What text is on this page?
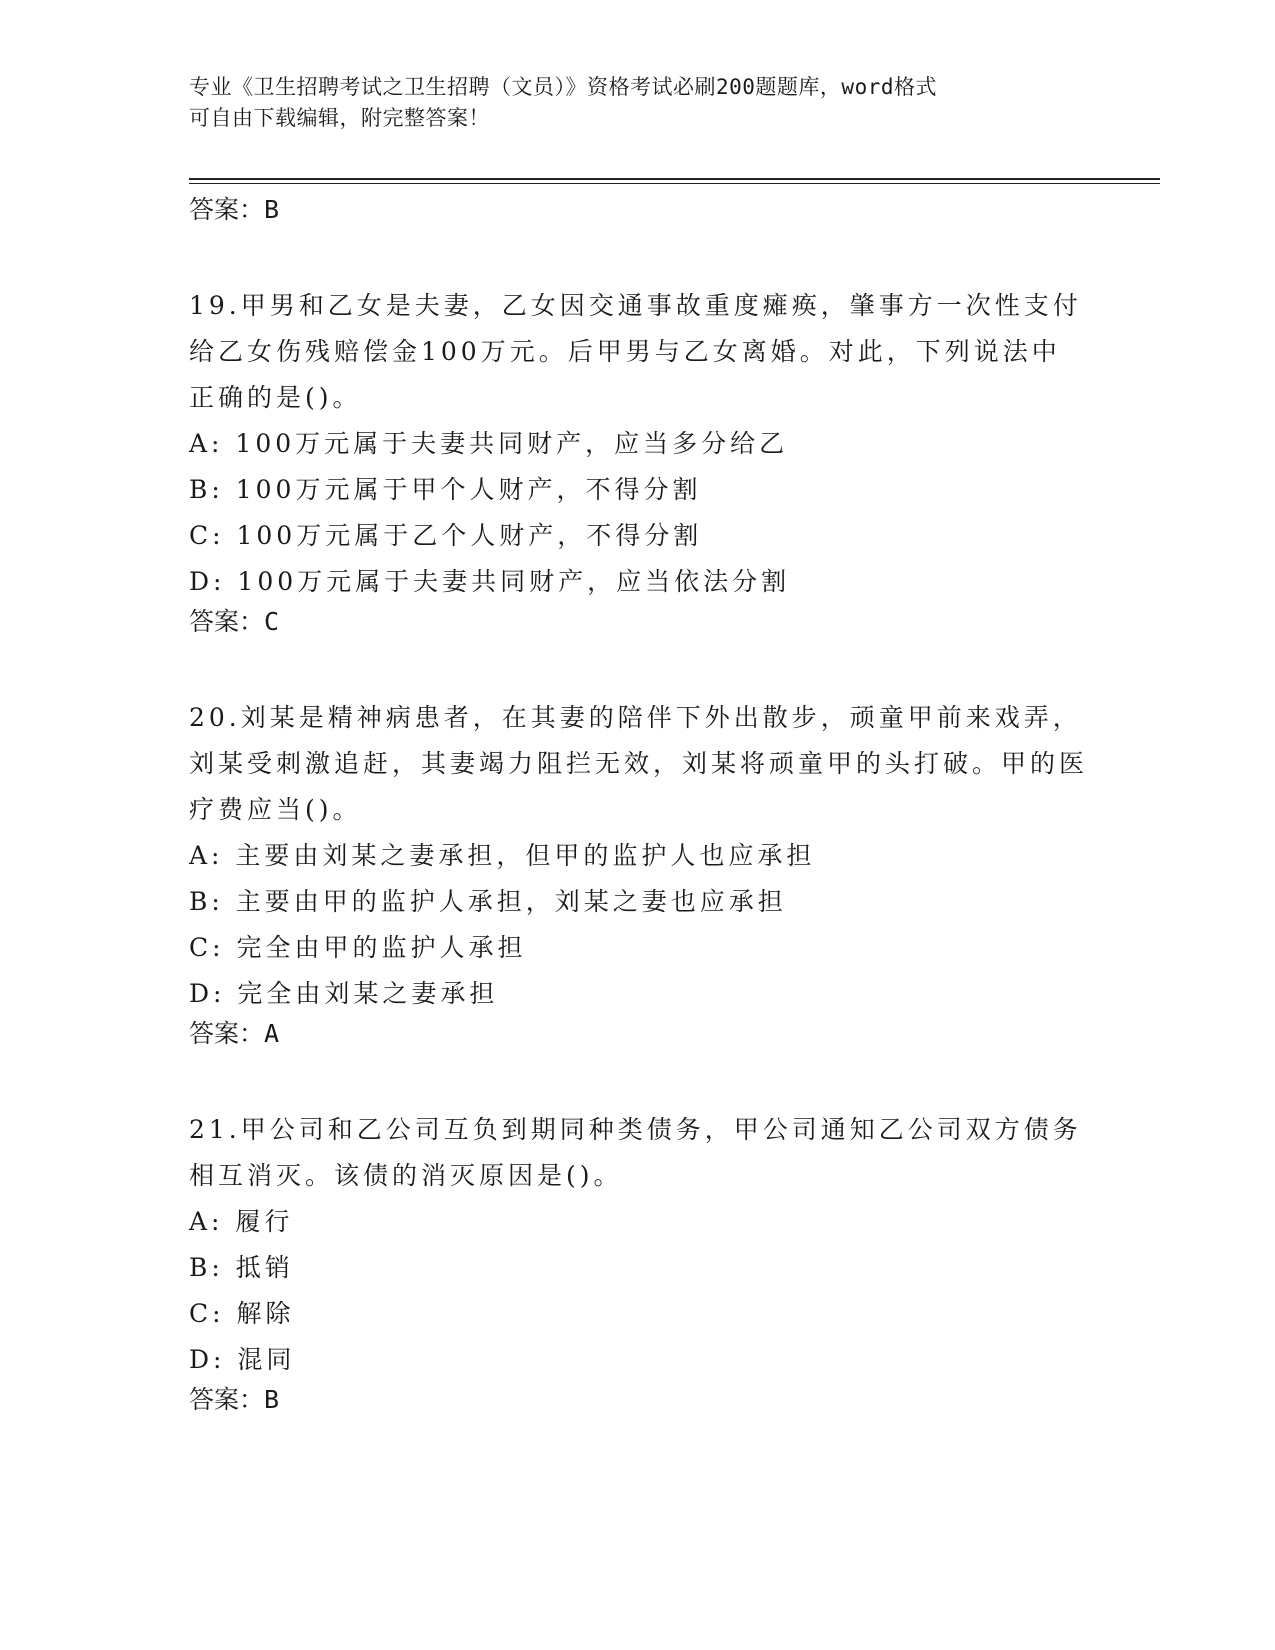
专业《卫生招聘考试之卫生招聘（文员）》资格考试必刷200题题库，word格式
可自由下载编辑，附完整答案！
答案：B

19.甲男和乙女是夫妻，乙女因交通事故重度瘫痪，肇事方一次性支付给乙女伤残赔偿金100万元。后甲男与乙女离婚。对此，下列说法中正确的是()。

A: 100万元属于夫妻共同财产，应当多分给乙

B: 100万元属于甲个人财产，不得分割

C: 100万元属于乙个人财产，不得分割

D: 100万元属于夫妻共同财产，应当依法分割

答案：C

20.刘某是精神病患者，在其妻的陪伴下外出散步，顽童甲前来戏弄，刘某受刺激追赶，其妻竭力阻拦无效，刘某将顽童甲的头打破。甲的医疗费应当()。

A: 主要由刘某之妻承担，但甲的监护人也应承担

B: 主要由甲的监护人承担，刘某之妻也应承担

C: 完全由甲的监护人承担

D: 完全由刘某之妻承担

答案：A

21.甲公司和乙公司互负到期同种类债务，甲公司通知乙公司双方债务相互消灭。该债的消灭原因是()。

A: 履行

B: 抵销

C: 解除

D: 混同

答案：B
